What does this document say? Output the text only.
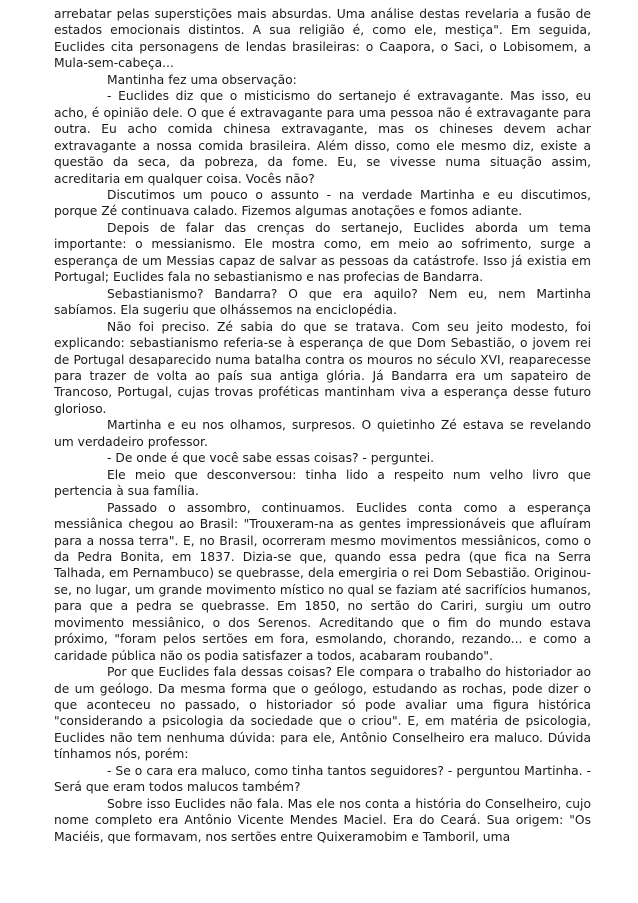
arrebatar pelas superstições mais absurdas. Uma análise destas revelaria a fusão de estados emocionais distintos. A sua religião é, como ele, mestiça". Em seguida, Euclides cita personagens de lendas brasileiras: o Caapora, o Saci, o Lobisomem, a Mula-sem-cabeça...

Mantinha fez uma observação:

- Euclides diz que o misticismo do sertanejo é extravagante. Mas isso, eu acho, é opinião dele. O que é extravagante para uma pessoa não é extravagante para outra. Eu acho comida chinesa extravagante, mas os chineses devem achar extravagante a nossa comida brasileira. Além disso, como ele mesmo diz, existe a questão da seca, da pobreza, da fome. Eu, se vivesse numa situação assim, acreditaria em qualquer coisa. Vocês não?

Discutimos um pouco o assunto - na verdade Martinha e eu discutimos, porque Zé continuava calado. Fizemos algumas anotações e fomos adiante.

Depois de falar das crenças do sertanejo, Euclides aborda um tema importante: o messianismo. Ele mostra como, em meio ao sofrimento, surge a esperança de um Messias capaz de salvar as pessoas da catástrofe. Isso já existia em Portugal; Euclides fala no sebastianismo e nas profecias de Bandarra.

Sebastianismo? Bandarra? O que era aquilo? Nem eu, nem Martinha sabíamos. Ela sugeriu que olhássemos na enciclopédia.

Não foi preciso. Zé sabia do que se tratava. Com seu jeito modesto, foi explicando: sebastianismo referia-se à esperança de que Dom Sebastião, o jovem rei de Portugal desaparecido numa batalha contra os mouros no século XVI, reaparecesse para trazer de volta ao país sua antiga glória. Já Bandarra era um sapateiro de Trancoso, Portugal, cujas trovas proféticas mantinham viva a esperança desse futuro glorioso.

Martinha e eu nos olhamos, surpresos. O quietinho Zé estava se revelando um verdadeiro professor.

- De onde é que você sabe essas coisas? - perguntei.

Ele meio que desconversou: tinha lido a respeito num velho livro que pertencia à sua família.

Passado o assombro, continuamos. Euclides conta como a esperança messiânica chegou ao Brasil: "Trouxeram-na as gentes impressionáveis que afluíram para a nossa terra". E, no Brasil, ocorreram mesmo movimentos messiânicos, como o da Pedra Bonita, em 1837. Dizia-se que, quando essa pedra (que fica na Serra Talhada, em Pernambuco) se quebrasse, dela emergiria o rei Dom Sebastião. Originou-se, no lugar, um grande movimento místico no qual se faziam até sacrifícios humanos, para que a pedra se quebrasse. Em 1850, no sertão do Cariri, surgiu um outro movimento messiânico, o dos Serenos. Acreditando que o fim do mundo estava próximo, "foram pelos sertões em fora, esmolando, chorando, rezando... e como a caridade pública não os podia satisfazer a todos, acabaram roubando".

Por que Euclides fala dessas coisas? Ele compara o trabalho do historiador ao de um geólogo. Da mesma forma que o geólogo, estudando as rochas, pode dizer o que aconteceu no passado, o historiador só pode avaliar uma figura histórica "considerando a psicologia da sociedade que o criou". E, em matéria de psicologia, Euclides não tem nenhuma dúvida: para ele, Antônio Conselheiro era maluco. Dúvida tínhamos nós, porém:

- Se o cara era maluco, como tinha tantos seguidores? - perguntou Martinha. - Será que eram todos malucos também?

Sobre isso Euclides não fala. Mas ele nos conta a história do Conselheiro, cujo nome completo era Antônio Vicente Mendes Maciel. Era do Ceará. Sua origem: "Os Maciéis, que formavam, nos sertões entre Quixeramobim e Tamboril, uma
